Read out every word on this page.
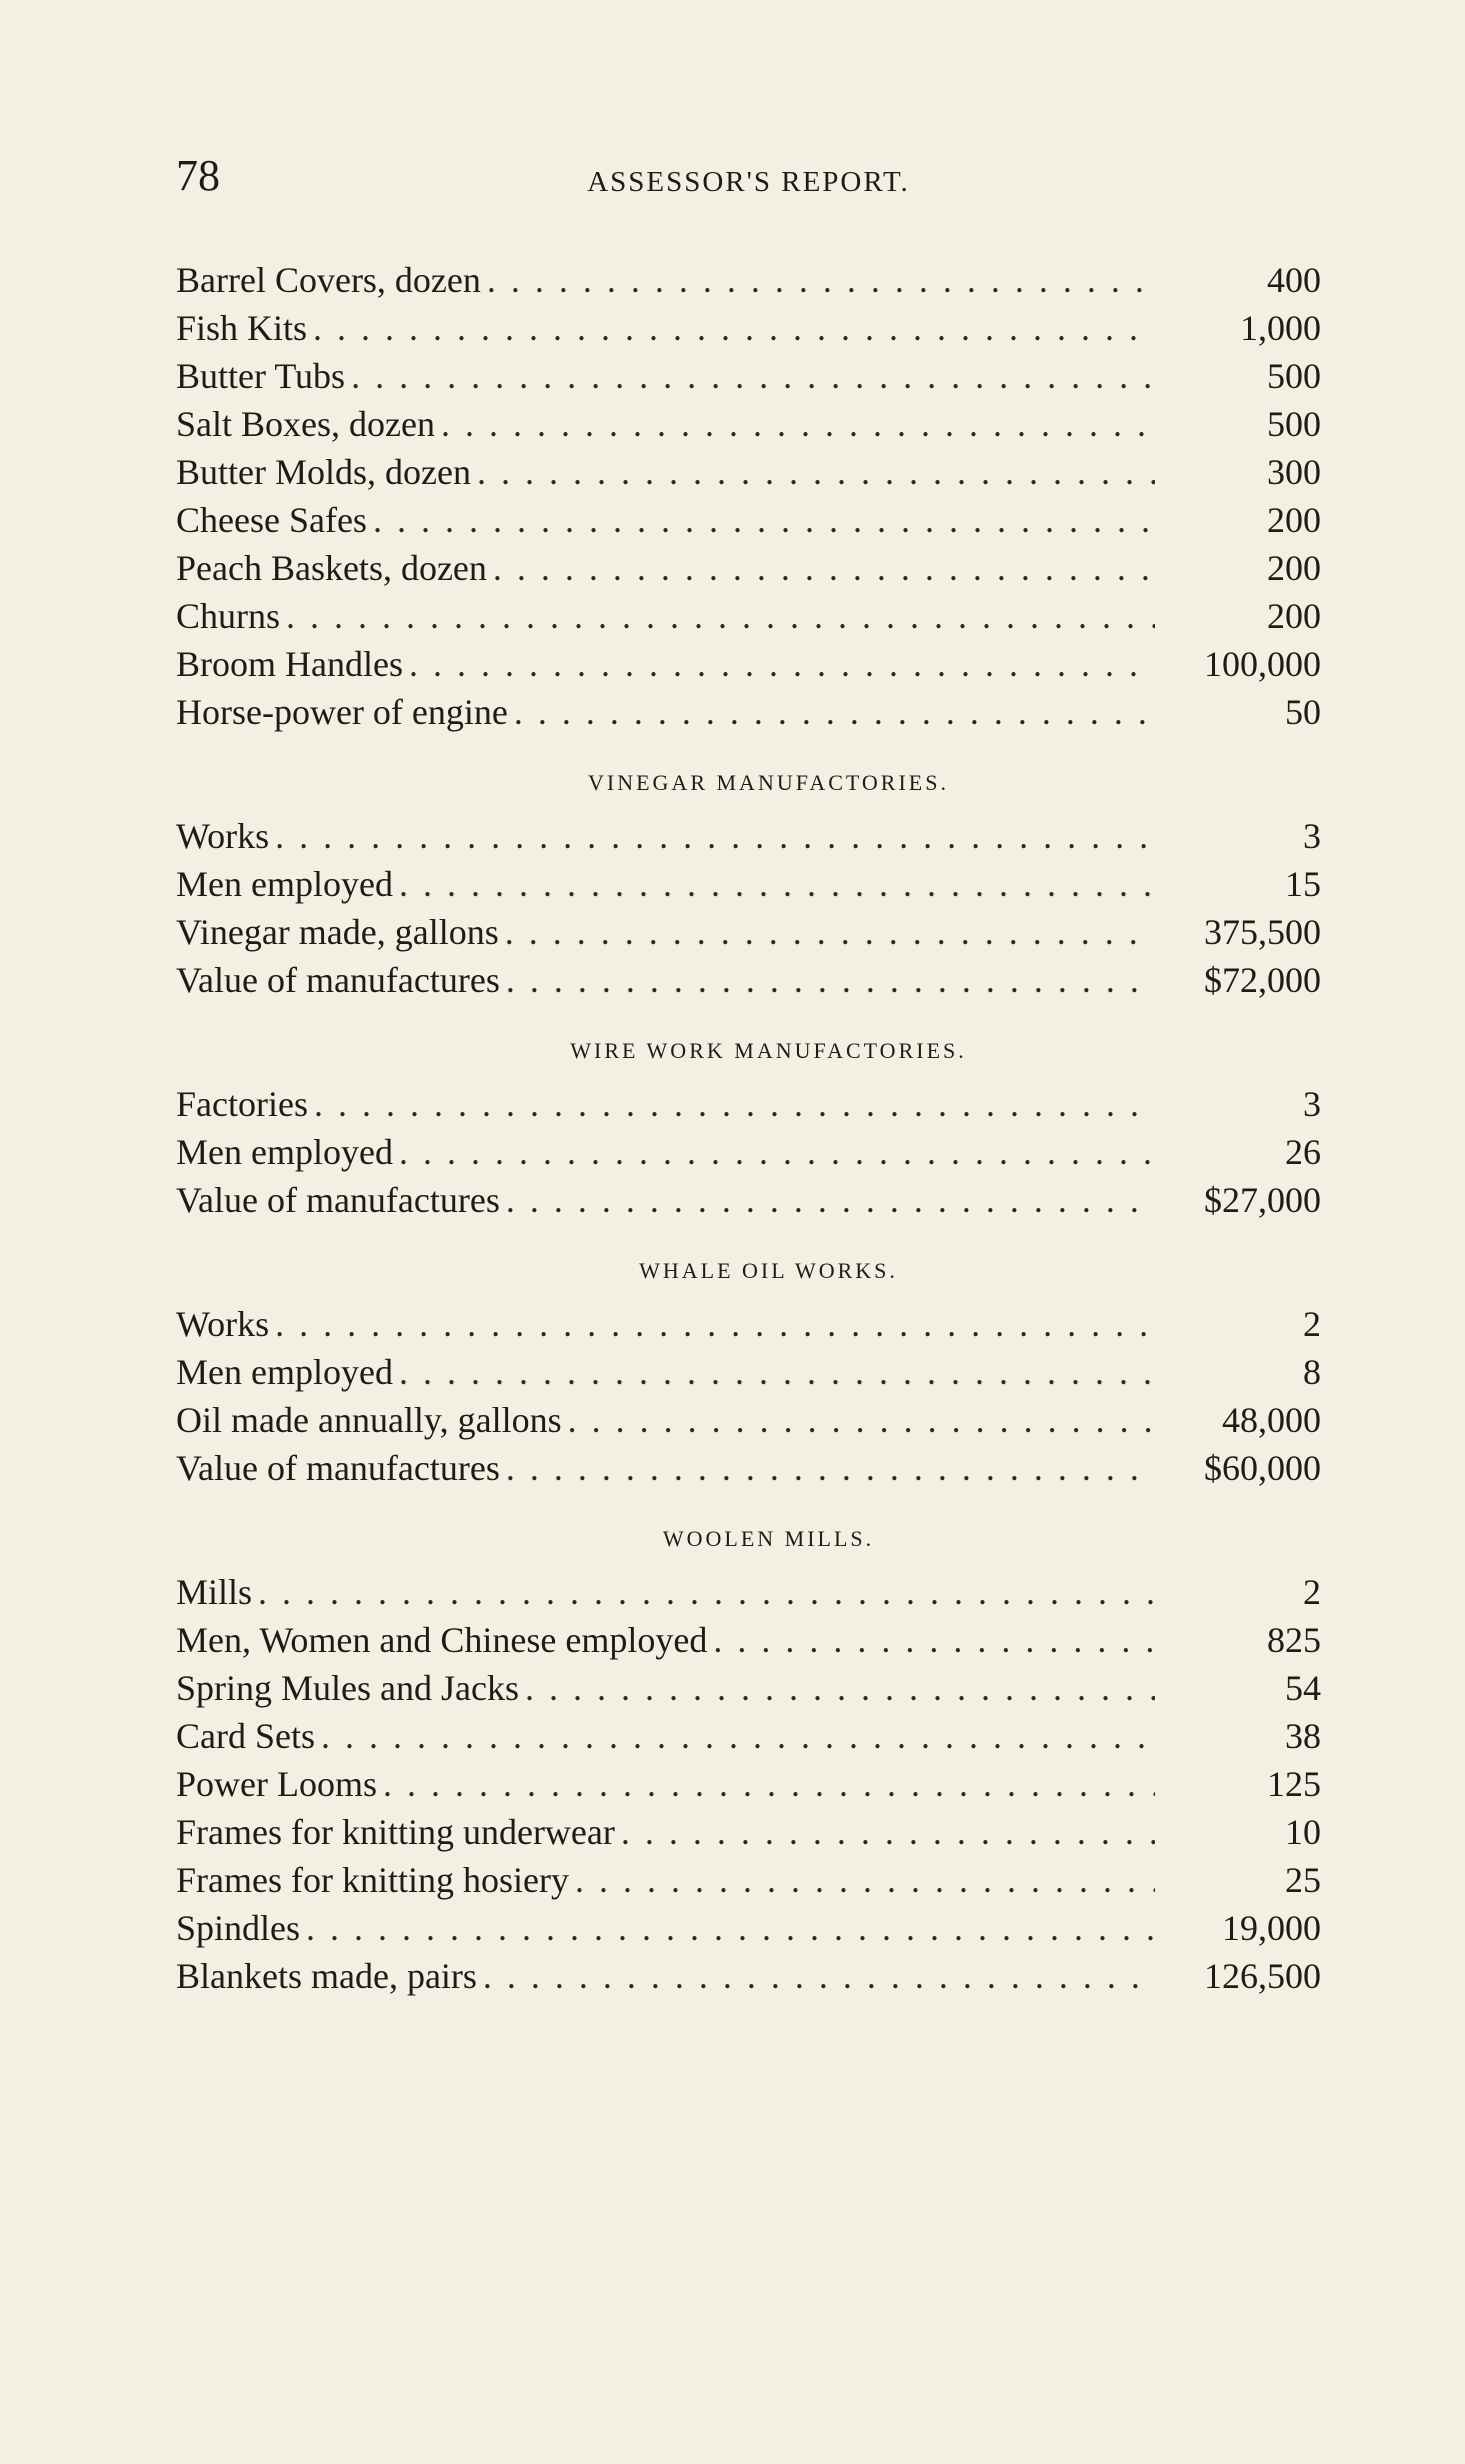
78	ASSESSOR'S REPORT.
Barrel Covers, dozen . . .	400
Fish Kits . . .	1,000
Butter Tubs . . .	500
Salt Boxes, dozen . . .	500
Butter Molds, dozen . . .	300
Cheese Safes . . .	200
Peach Baskets, dozen . . .	200
Churns . . .	200
Broom Handles . . .	100,000
Horse-power of engine . . .	50
VINEGAR MANUFACTORIES.
Works . . .	3
Men employed . . .	15
Vinegar made, gallons . . .	375,500
Value of manufactures . . .	$72,000
WIRE WORK MANUFACTORIES.
Factories . . .	3
Men employed . . .	26
Value of manufactures . . .	$27,000
WHALE OIL WORKS.
Works . . .	2
Men employed . . .	8
Oil made annually, gallons . . .	48,000
Value of manufactures . . .	$60,000
WOOLEN MILLS.
Mills . . .	2
Men, Women and Chinese employed . . .	825
Spring Mules and Jacks . . .	54
Card Sets . . .	38
Power Looms . . .	125
Frames for knitting underwear . . .	10
Frames for knitting hosiery . . .	25
Spindles . . .	19,000
Blankets made, pairs . . .	126,500
